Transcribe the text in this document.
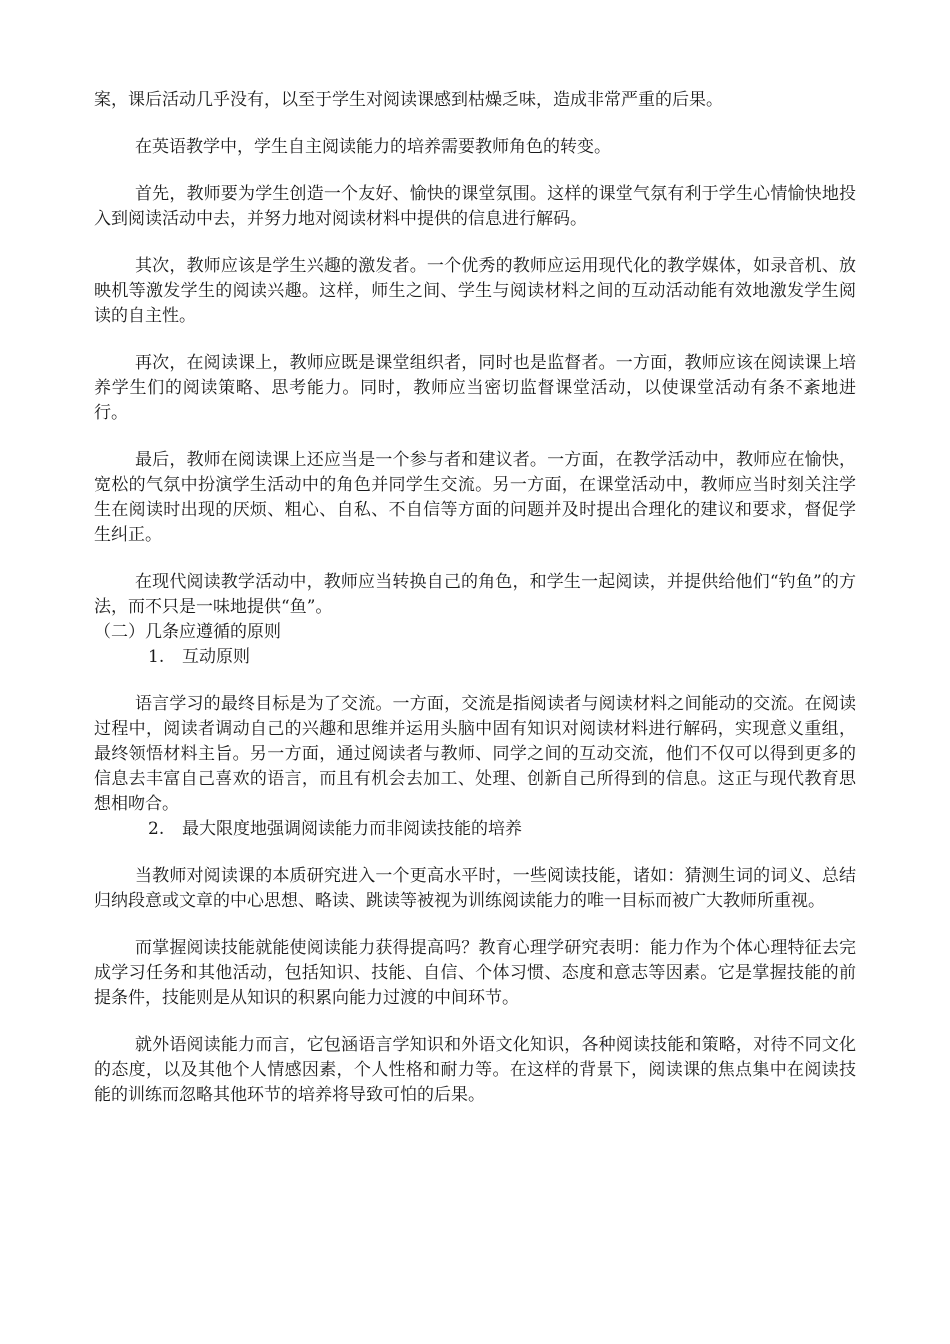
案，课后活动几乎没有，以至于学生对阅读课感到枯燥乏味，造成非常严重的后果。

在英语教学中，学生自主阅读能力的培养需要教师角色的转变。

首先，教师要为学生创造一个友好、愉快的课堂氛围。这样的课堂气氛有利于学生心情愉快地投入到阅读活动中去，并努力地对阅读材料中提供的信息进行解码。

其次，教师应该是学生兴趣的激发者。一个优秀的教师应运用现代化的教学媒体，如录音机、放映机等激发学生的阅读兴趣。这样，师生之间、学生与阅读材料之间的互动活动能有效地激发学生阅读的自主性。

再次，在阅读课上，教师应既是课堂组织者，同时也是监督者。一方面，教师应该在阅读课上培养学生们的阅读策略、思考能力。同时，教师应当密切监督课堂活动，以使课堂活动有条不紊地进行。

最后，教师在阅读课上还应当是一个参与者和建议者。一方面，在教学活动中，教师应在愉快，宽松的气氛中扮演学生活动中的角色并同学生交流。另一方面，在课堂活动中，教师应当时刻关注学生在阅读时出现的厌烦、粗心、自私、不自信等方面的问题并及时提出合理化的建议和要求，督促学生纠正。

在现代阅读教学活动中，教师应当转换自己的角色，和学生一起阅读，并提供给他们“钓鱼”的方法，而不只是一味地提供“鱼”。

（二）几条应遵循的原则

1. 互动原则

语言学习的最终目标是为了交流。一方面，交流是指阅读者与阅读材料之间能动的交流。在阅读过程中，阅读者调动自己的兴趣和思维并运用头脑中固有知识对阅读材料进行解码，实现意义重组，最终领悟材料主旨。另一方面，通过阅读者与教师、同学之间的互动交流，他们不仅可以得到更多的信息去丰富自己喜欢的语言，而且有机会去加工、处理、创新自己所得到的信息。这正与现代教育思想相吻合。

2. 最大限度地强调阅读能力而非阅读技能的培养

当教师对阅读课的本质研究进入一个更高水平时，一些阅读技能，诸如：猜测生词的词义、总结归纳段意或文章的中心思想、略读、跳读等被视为训练阅读能力的唯一目标而被广大教师所重视。

而掌握阅读技能就能使阅读能力获得提高吗？教育心理学研究表明：能力作为个体心理特征去完成学习任务和其他活动，包括知识、技能、自信、个体习惯、态度和意志等因素。它是掌握技能的前提条件，技能则是从知识的积累向能力过渡的中间环节。

就外语阅读能力而言，它包涵语言学知识和外语文化知识，各种阅读技能和策略，对待不同文化的态度，以及其他个人情感因素，个人性格和耐力等。在这样的背景下，阅读课的焦点集中在阅读技能的训练而忽略其他环节的培养将导致可怕的后果。
